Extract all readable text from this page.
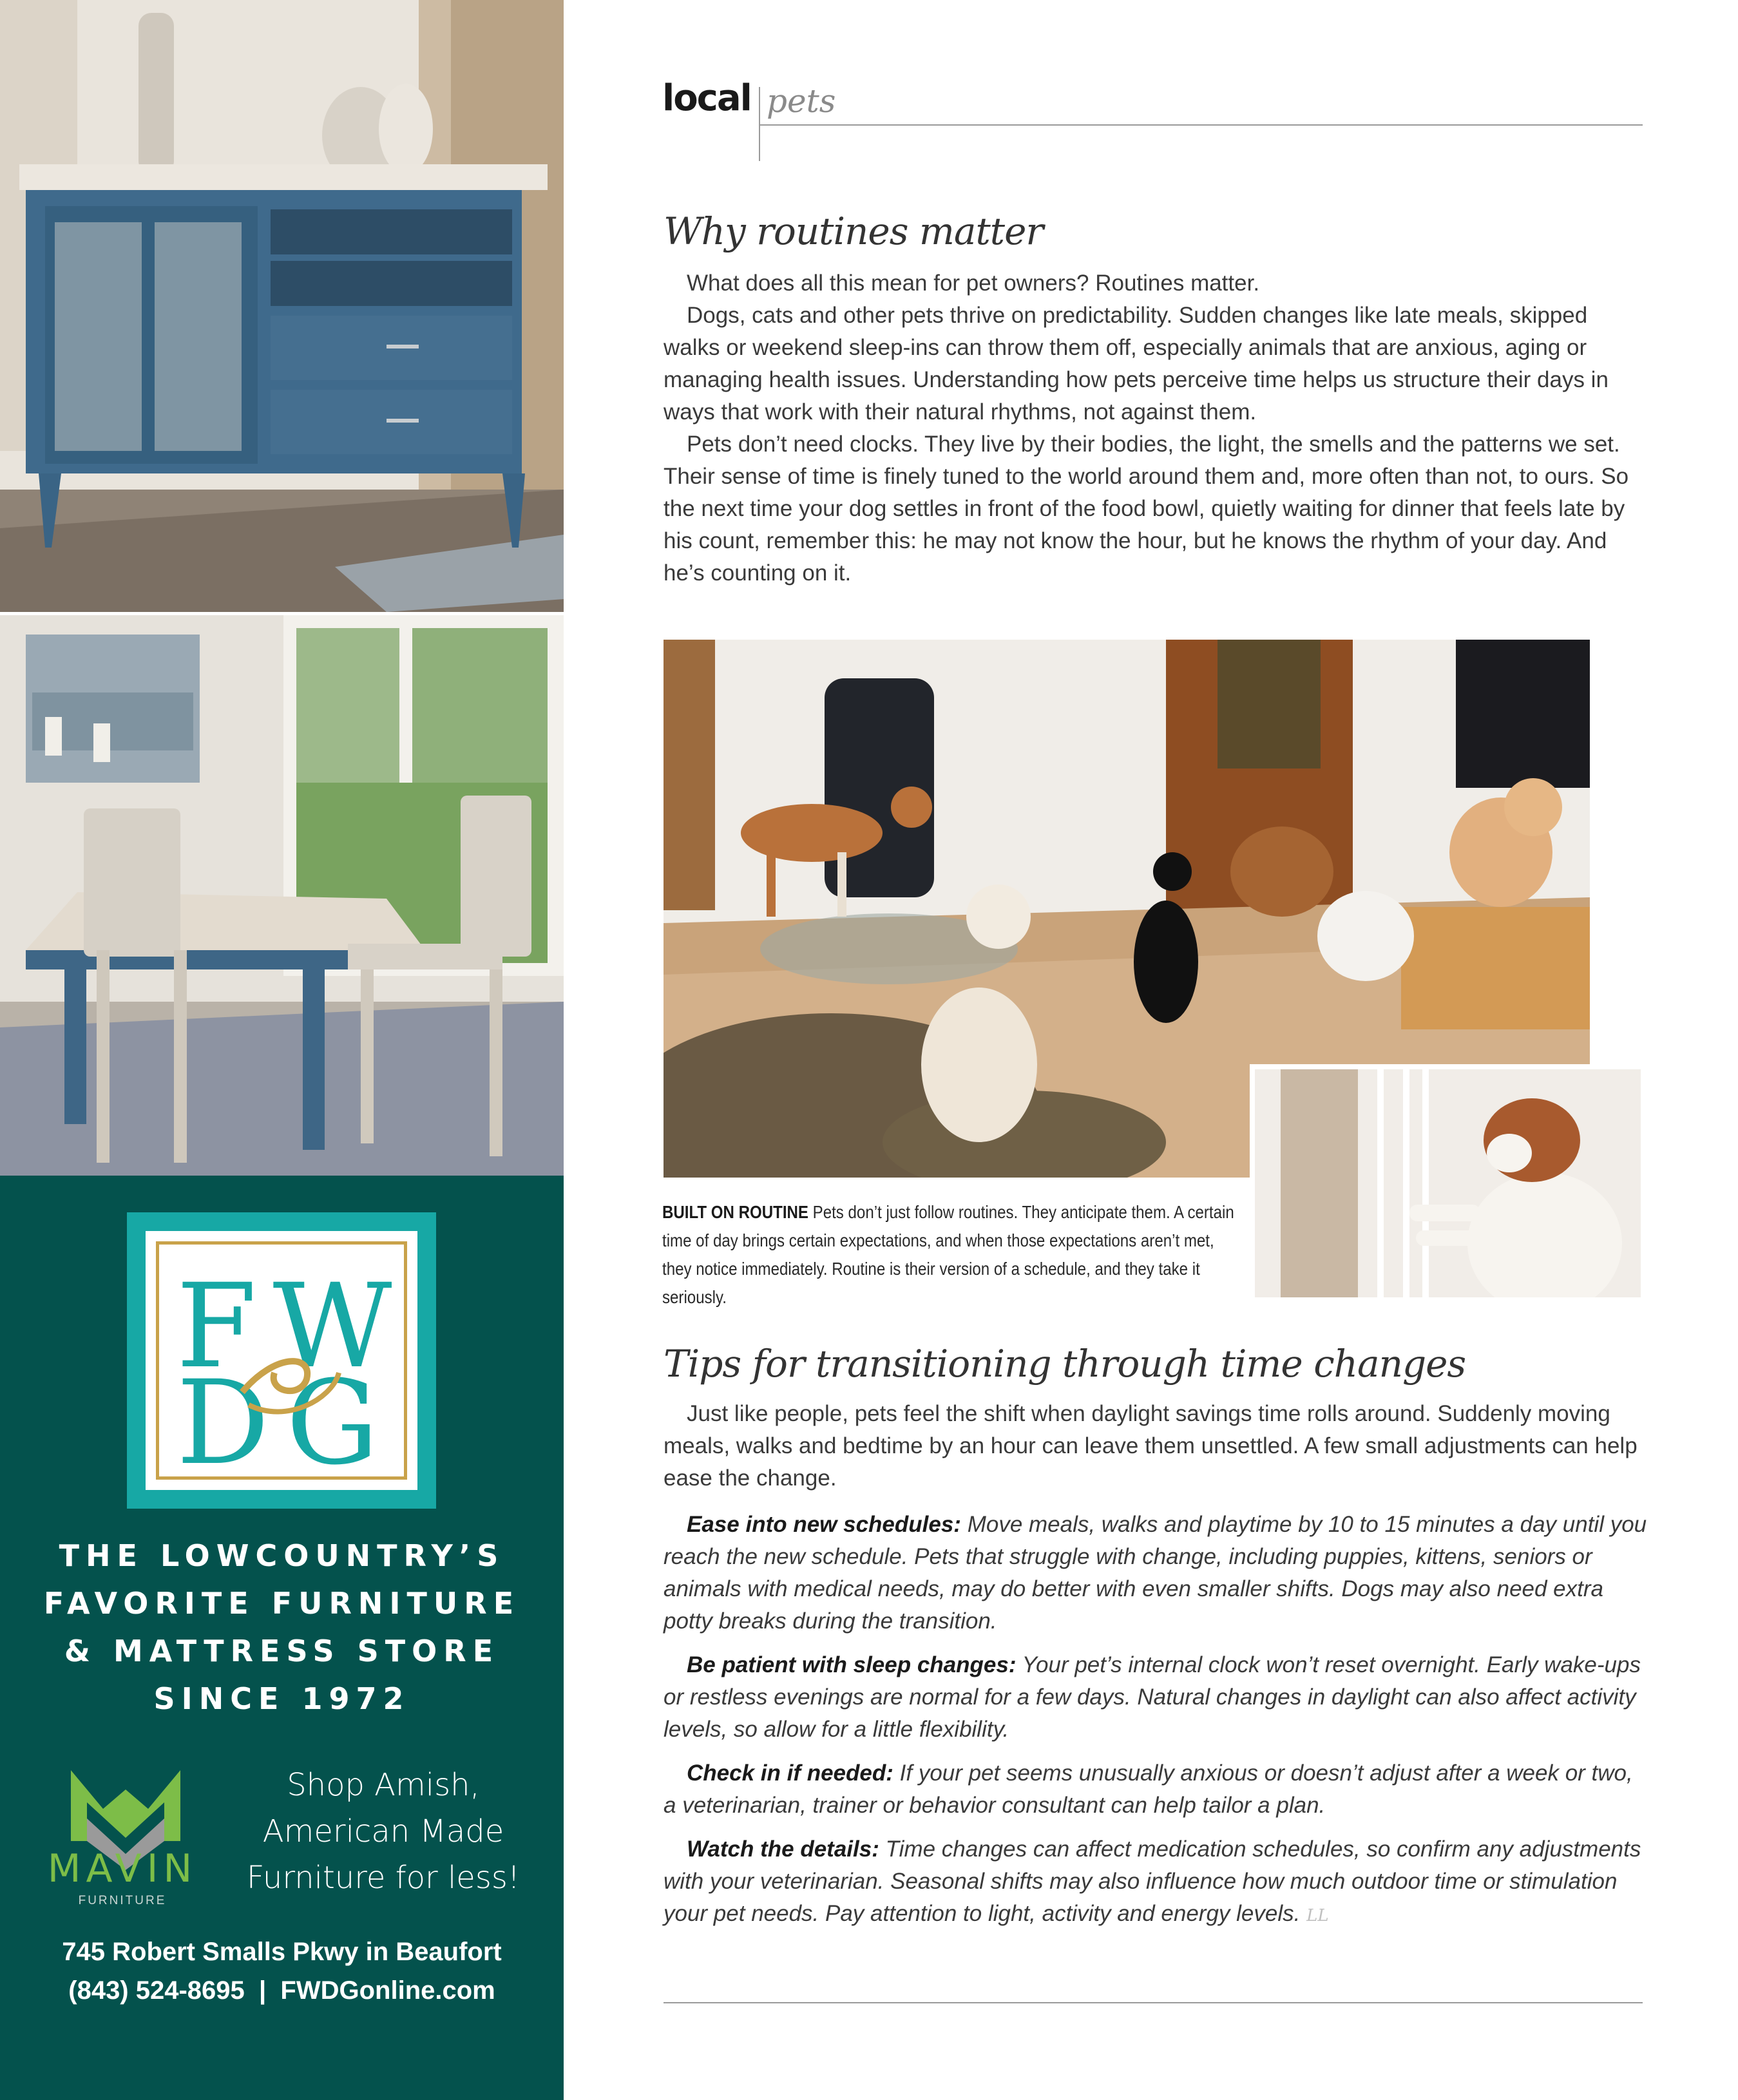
F W
D G
THE LOWCOUNTRY’S
FAVORITE FURNITURE
& MATTRESS STORE
SINCE 1972
MAVIN
FURNITURE
Shop Amish,
American Made
Furniture for less!
745 Robert Smalls Pkwy in Beaufort
(843) 524-8695  |  FWDGonline.com
local pets
Why routines matter

What does all this mean for pet owners? Routines matter.

Dogs, cats and other pets thrive on predictability. Sudden changes like late meals, skipped walks or weekend sleep-ins can throw them off, especially animals that are anxious, aging or managing health issues. Understanding how pets perceive time helps us structure their days in ways that work with their natural rhythms, not against them.

Pets don’t need clocks. They live by their bodies, the light, the smells and the patterns we set. Their sense of time is finely tuned to the world around them and, more often than not, to ours. So the next time your dog settles in front of the food bowl, quietly waiting for dinner that feels late by his count, remember this: he may not know the hour, but he knows the rhythm of your day. And he’s counting on it.

BUILT ON ROUTINE Pets don’t just follow routines. They anticipate them. A certain time of day brings certain expectations, and when those expectations aren’t met, they notice immediately. Routine is their version of a schedule, and they take it seriously.
Tips for transitioning through time changes

Just like people, pets feel the shift when daylight savings time rolls around. Suddenly moving meals, walks and bedtime by an hour can leave them unsettled. A few small adjustments can help ease the change.

Ease into new schedules: Move meals, walks and playtime by 10 to 15 minutes a day until you reach the new schedule. Pets that struggle with change, including puppies, kittens, seniors or animals with medical needs, may do better with even smaller shifts. Dogs may also need extra potty breaks during the transition.

Be patient with sleep changes: Your pet’s internal clock won’t reset overnight. Early wake-ups or restless evenings are normal for a few days. Natural changes in daylight can also affect activity levels, so allow for a little flexibility.

Check in if needed: If your pet seems unusually anxious or doesn’t adjust after a week or two, a veterinarian, trainer or behavior consultant can help tailor a plan.

Watch the details: Time changes can affect medication schedules, so confirm any adjustments with your veterinarian. Seasonal shifts may also influence how much outdoor time or stimulation your pet needs. Pay attention to light, activity and energy levels. LL
